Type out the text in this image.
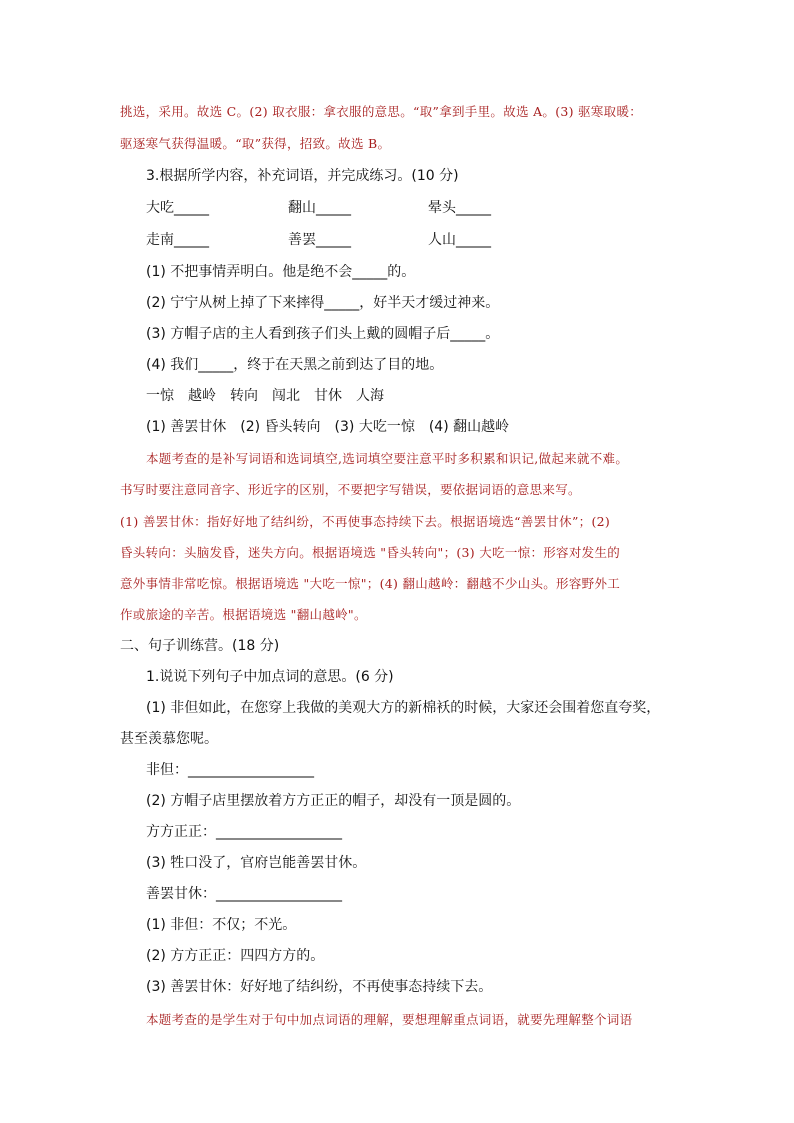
挑选，采用。故选 C。(2) 取衣服：拿衣服的意思。“取”拿到手里。故选 A。(3) 驱寒取暖：
驱逐寒气获得温暖。“取”获得，招致。故选 B。
3.根据所学内容，补充词语，并完成练习。(10 分)
大吃_____	翻山_____	晕头_____
走南_____	善罢_____	人山_____
(1) 不把事情弄明白。他是绝不会_____的。
(2) 宁宁从树上掉了下来摔得_____，好半天才缓过神来。
(3) 方帽子店的主人看到孩子们头上戴的圆帽子后_____。
(4) 我们_____，终于在天黑之前到达了目的地。
一惊　越岭　转向　闯北　甘休　人海
(1) 善罢甘休　(2) 昏头转向　(3) 大吃一惊　(4) 翻山越岭
本题考查的是补写词语和选词填空,选词填空要注意平时多积累和识记,做起来就不难。
书写时要注意同音字、形近字的区别，不要把字写错误，要依据词语的意思来写。
(1) 善罢甘休：指好好地了结纠纷，不再使事态持续下去。根据语境选“善罢甘休”；(2)
昏头转向：头脑发昏，迷失方向。根据语境选 "昏头转向"；(3) 大吃一惊：形容对发生的
意外事情非常吃惊。根据语境选 "大吃一惊"；(4) 翻山越岭：翻越不少山头。形容野外工
作或旅途的辛苦。根据语境选 "翻山越岭"。
二、句子训练营。(18 分)
1.说说下列句子中加点词的意思。(6 分)
(1) 非但如此，在您穿上我做的美观大方的新棉袄的时候，大家还会围着您直夸奖，
甚至羡慕您呢。
非但：__________________
(2) 方帽子店里摆放着方方正正的帽子，却没有一顶是圆的。
方方正正：__________________
(3) 牲口没了，官府岂能善罢甘休。
善罢甘休：__________________
(1) 非但：不仅；不光。
(2) 方方正正：四四方方的。
(3) 善罢甘休：好好地了结纠纷，不再使事态持续下去。
本题考查的是学生对于句中加点词语的理解，要想理解重点词语，就要先理解整个词语
